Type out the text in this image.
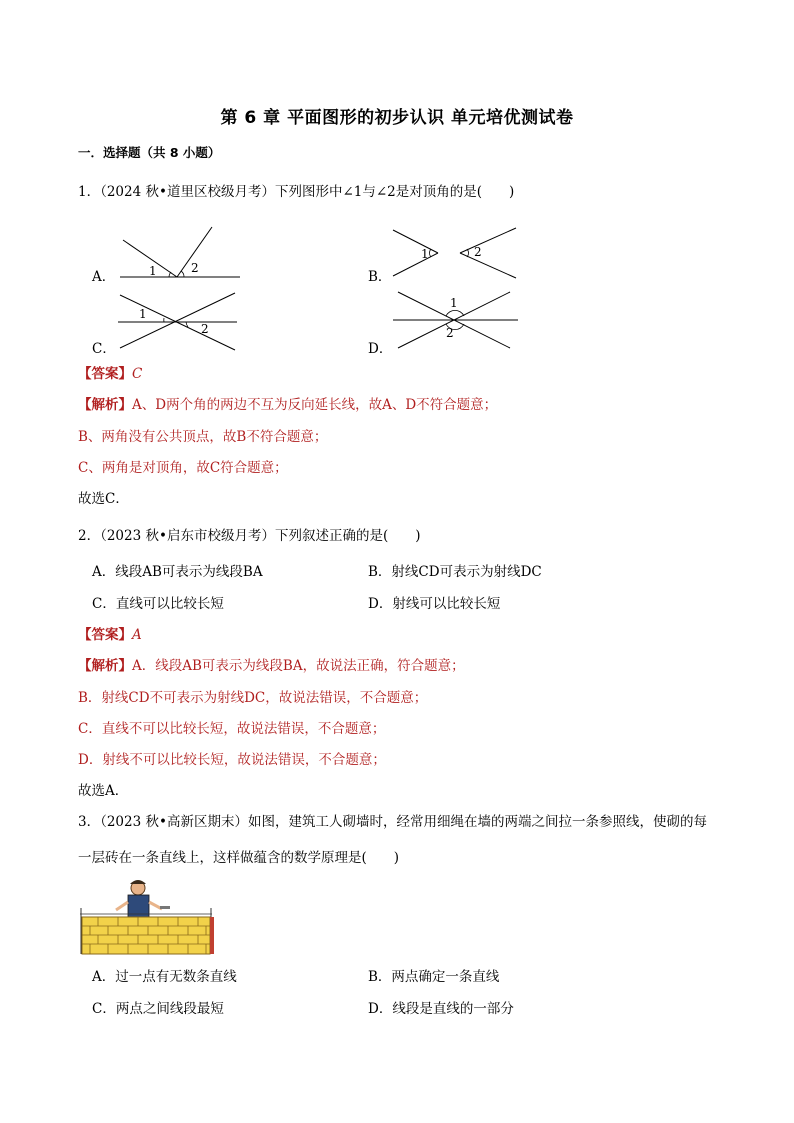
第 6 章 平面图形的初步认识 单元培优测试卷
一．选择题（共 8 小题）
1．（2024 秋•道里区校级月考）下列图形中∠1与∠2是对顶角的是(　　)
A．	1	2
B．
1	2
C．
1
2
D．
1
2
【答案】C
【解析】A、D两个角的两边不互为反向延长线，故A、D不符合题意；
B、两角没有公共顶点，故B不符合题意；
C、两角是对顶角，故C符合题意；
故选C．
2．（2023 秋•启东市校级月考）下列叙述正确的是(　　)
A．线段AB可表示为线段BA	B．射线CD可表示为射线DC
C．直线可以比较长短	D．射线可以比较长短
【答案】A
【解析】A．线段AB可表示为线段BA，故说法正确，符合题意；
B．射线CD不可表示为射线DC，故说法错误，不合题意；
C．直线不可以比较长短，故说法错误，不合题意；
D．射线不可以比较长短，故说法错误，不合题意；
故选A．
3．（2023 秋•高新区期末）如图，建筑工人砌墙时，经常用细绳在墙的两端之间拉一条参照线，使砌的每
一层砖在一条直线上，这样做蕴含的数学原理是(　　)
A．过一点有无数条直线	B．两点确定一条直线
C．两点之间线段最短	D．线段是直线的一部分
